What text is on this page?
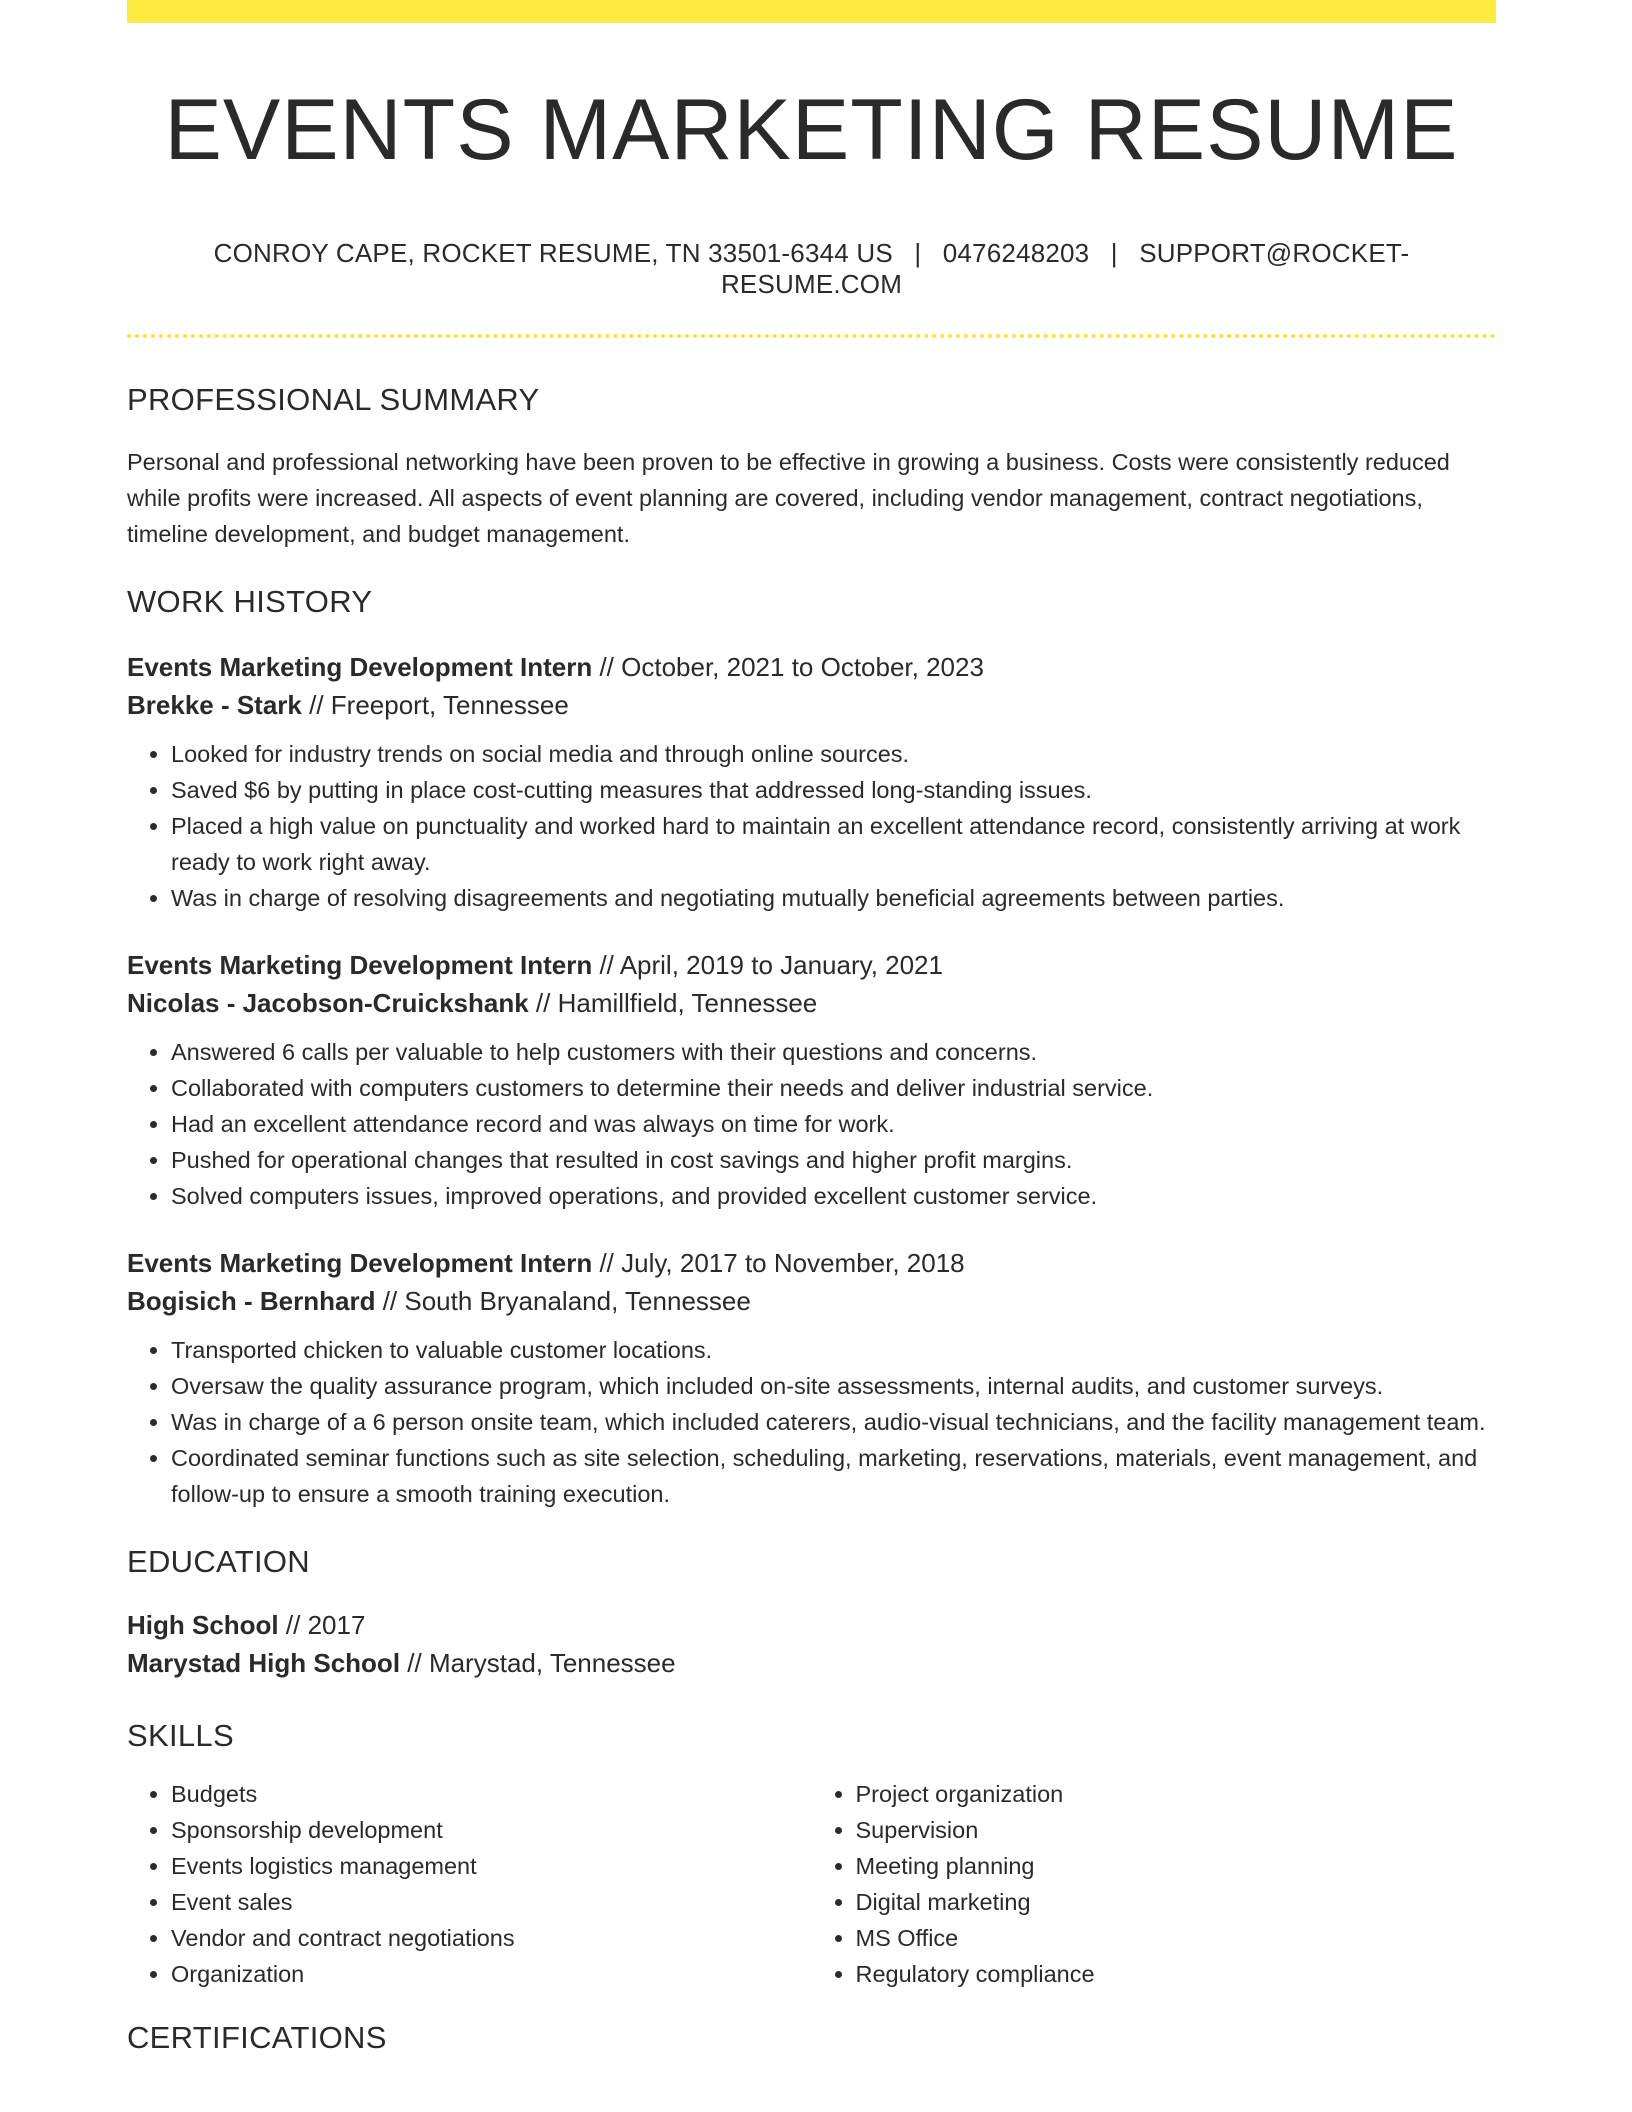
EVENTS MARKETING RESUME
CONROY CAPE, ROCKET RESUME, TN 33501-6344 US | 0476248203 | SUPPORT@ROCKET-RESUME.COM
PROFESSIONAL SUMMARY
Personal and professional networking have been proven to be effective in growing a business. Costs were consistently reduced while profits were increased. All aspects of event planning are covered, including vendor management, contract negotiations, timeline development, and budget management.
WORK HISTORY
Events Marketing Development Intern // October, 2021 to October, 2023
Brekke - Stark // Freeport, Tennessee
• Looked for industry trends on social media and through online sources.
• Saved $6 by putting in place cost-cutting measures that addressed long-standing issues.
• Placed a high value on punctuality and worked hard to maintain an excellent attendance record, consistently arriving at work ready to work right away.
• Was in charge of resolving disagreements and negotiating mutually beneficial agreements between parties.
Events Marketing Development Intern // April, 2019 to January, 2021
Nicolas - Jacobson-Cruickshank // Hamillfield, Tennessee
• Answered 6 calls per valuable to help customers with their questions and concerns.
• Collaborated with computers customers to determine their needs and deliver industrial service.
• Had an excellent attendance record and was always on time for work.
• Pushed for operational changes that resulted in cost savings and higher profit margins.
• Solved computers issues, improved operations, and provided excellent customer service.
Events Marketing Development Intern // July, 2017 to November, 2018
Bogisich - Bernhard // South Bryanaland, Tennessee
• Transported chicken to valuable customer locations.
• Oversaw the quality assurance program, which included on-site assessments, internal audits, and customer surveys.
• Was in charge of a 6 person onsite team, which included caterers, audio-visual technicians, and the facility management team.
• Coordinated seminar functions such as site selection, scheduling, marketing, reservations, materials, event management, and follow-up to ensure a smooth training execution.
EDUCATION
High School // 2017
Marystad High School // Marystad, Tennessee
SKILLS
• Budgets
• Sponsorship development
• Events logistics management
• Event sales
• Vendor and contract negotiations
• Organization
• Project organization
• Supervision
• Meeting planning
• Digital marketing
• MS Office
• Regulatory compliance
CERTIFICATIONS
